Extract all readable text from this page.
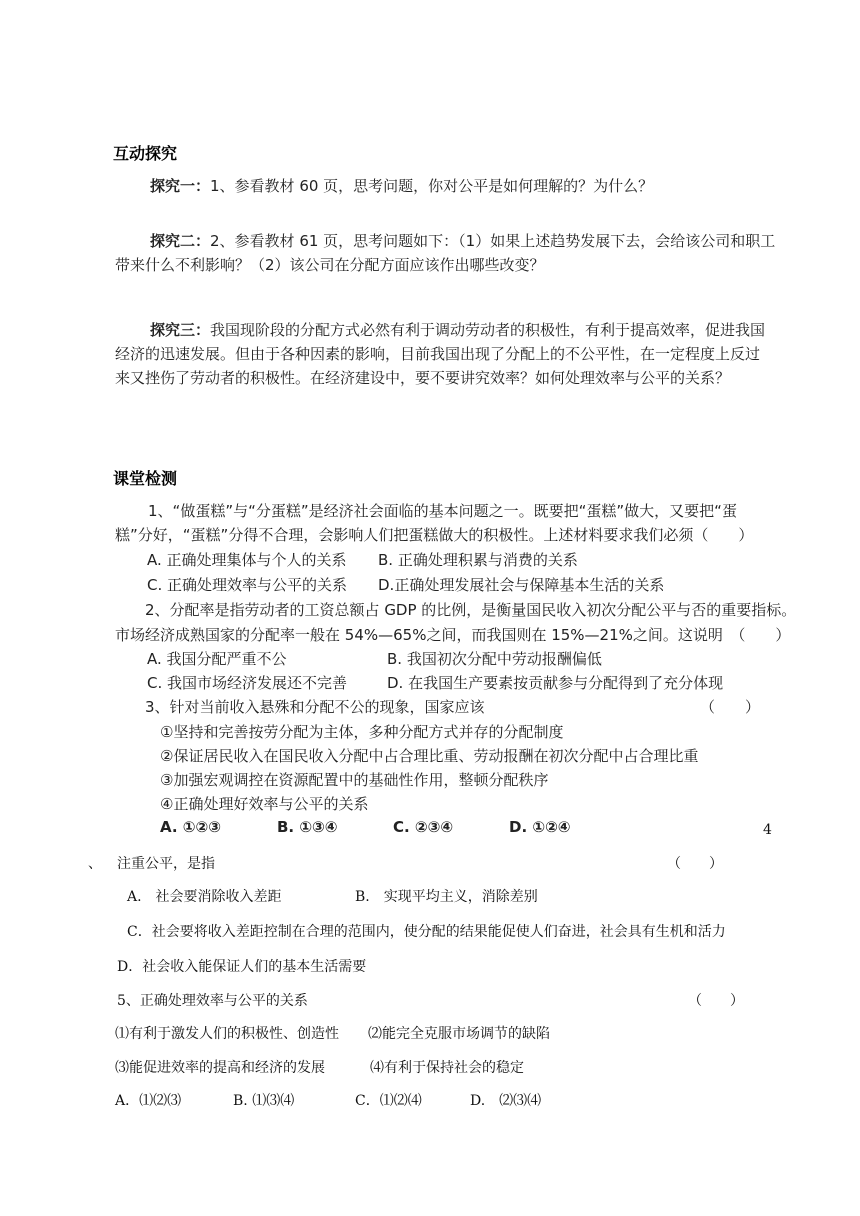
互动探究
探究一：1、参看教材 60 页，思考问题，你对公平是如何理解的？为什么？
探究二：2、参看教材 61 页，思考问题如下：（1）如果上述趋势发展下去，会给该公司和职工
带来什么不利影响？（2）该公司在分配方面应该作出哪些改变？
探究三：我国现阶段的分配方式必然有利于调动劳动者的积极性，有利于提高效率，促进我国
经济的迅速发展。但由于各种因素的影响，目前我国出现了分配上的不公平性，在一定程度上反过
来又挫伤了劳动者的积极性。在经济建设中，要不要讲究效率？如何处理效率与公平的关系？
课堂检测
1、“做蛋糕”与“分蛋糕”是经济社会面临的基本问题之一。既要把“蛋糕”做大，又要把“蛋
糕”分好，“蛋糕”分得不合理，会影响人们把蛋糕做大的积极性。上述材料要求我们必须（　　）
A. 正确处理集体与个人的关系 B. 正确处理积累与消费的关系
C. 正确处理效率与公平的关系 D.正确处理发展社会与保障基本生活的关系
2、分配率是指劳动者的工资总额占 GDP 的比例，是衡量国民收入初次分配公平与否的重要指标。
市场经济成熟国家的分配率一般在 54%—65%之间，而我国则在 15%—21%之间。这说明　（　　）
A. 我国分配严重不公	B. 我国初次分配中劳动报酬偏低
C. 我国市场经济发展还不完善	D. 在我国生产要素按贡献参与分配得到了充分体现
3、针对当前收入悬殊和分配不公的现象，国家应该	（　　）
①坚持和完善按劳分配为主体，多种分配方式并存的分配制度
②保证居民收入在国民收入分配中占合理比重、劳动报酬在初次分配中占合理比重
③加强宏观调控在资源配置中的基础性作用，整顿分配秩序
④正确处理好效率与公平的关系
A. ①②③	B. ①③④	C. ②③④	D. ①②④	4
、 注重公平，是指	（　　）
A.　社会要消除收入差距	B.　实现平均主义，消除差别
C．社会要将收入差距控制在合理的范围内，使分配的结果能促使人们奋进，社会具有生机和活力
D．社会收入能保证人们的基本生活需要
5、正确处理效率与公平的关系	（　　）
⑴有利于激发人们的积极性、创造性 ⑵能完全克服市场调节的缺陷
⑶能促进效率的提高和经济的发展	⑷有利于保持社会的稳定
A．⑴⑵⑶	B. ⑴⑶⑷	C．⑴⑵⑷	D.　⑵⑶⑷
